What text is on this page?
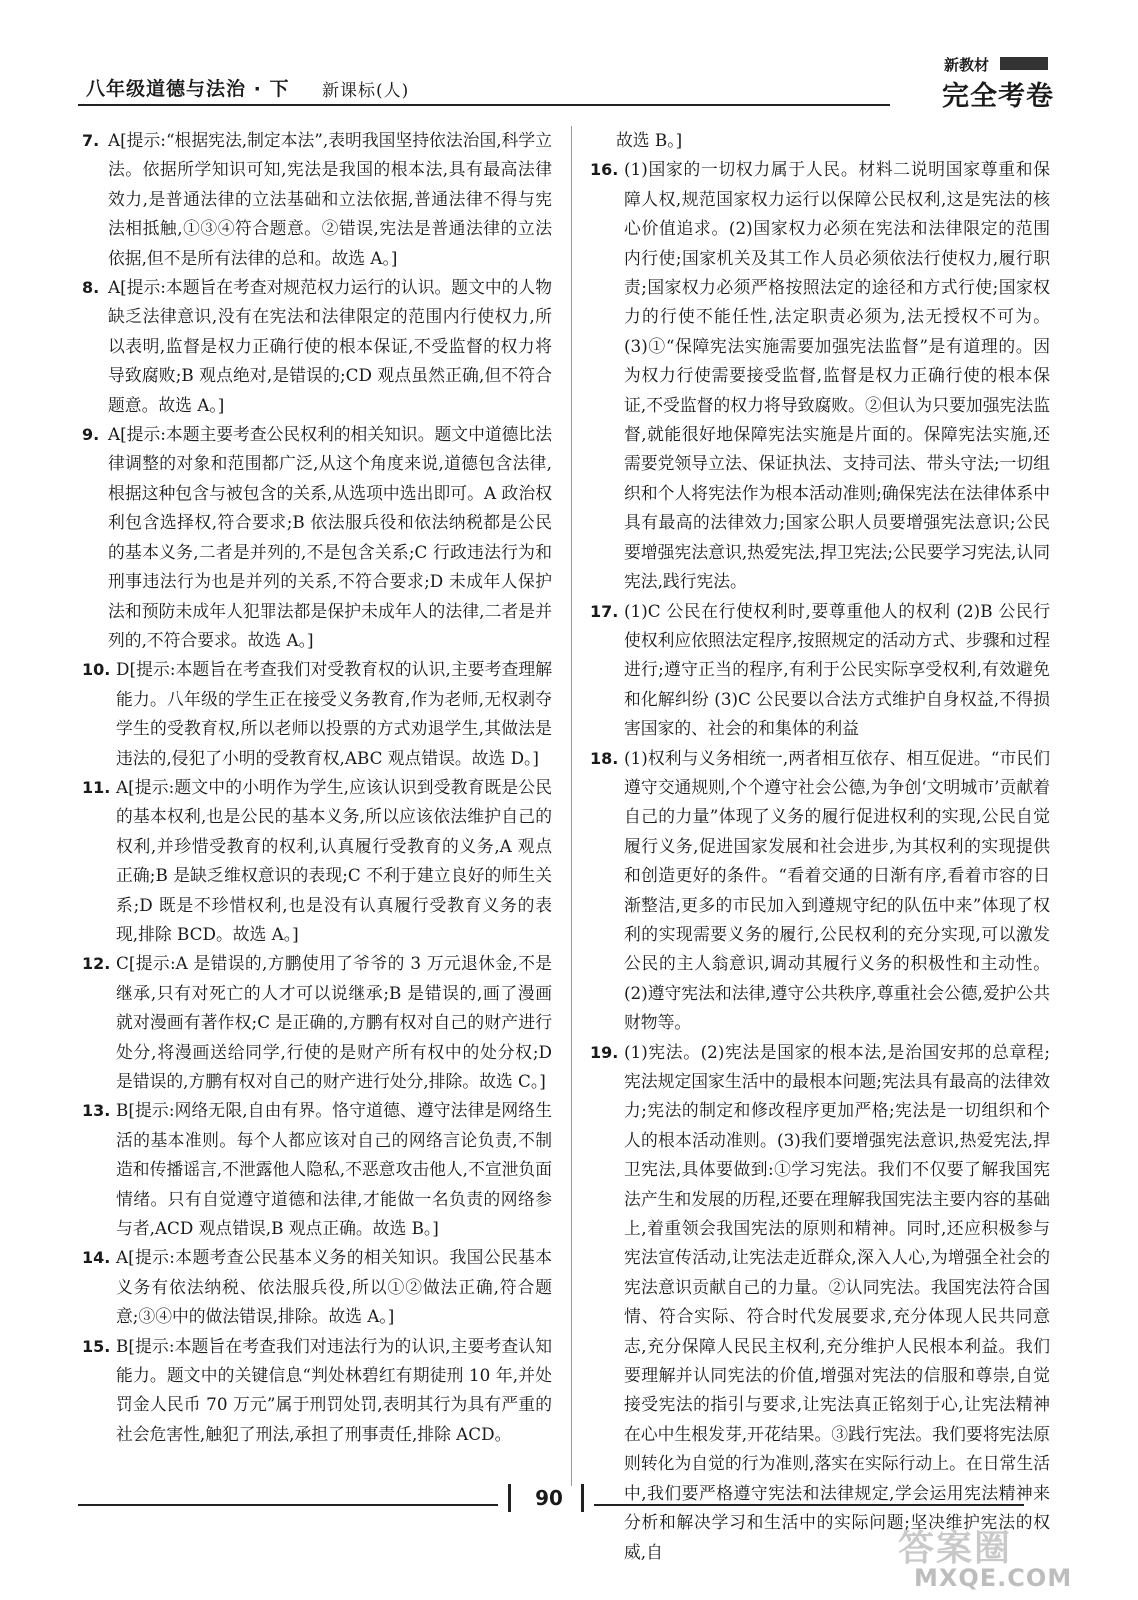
八年级道德与法治 · 下 新课标(人)
新教材
完全考卷
7. A[提示:“根据宪法,制定本法”,表明我国坚持依法治国,科学立法。依据所学知识可知,宪法是我国的根本法,具有最高法律效力,是普通法律的立法基础和立法依据,普通法律不得与宪法相抵触,①③④符合题意。②错误,宪法是普通法律的立法依据,但不是所有法律的总和。故选 A。]
8. A[提示:本题旨在考查对规范权力运行的认识。题文中的人物缺乏法律意识,没有在宪法和法律限定的范围内行使权力,所以表明,监督是权力正确行使的根本保证,不受监督的权力将导致腐败;B 观点绝对,是错误的;CD 观点虽然正确,但不符合题意。故选 A。]
9. A[提示:本题主要考查公民权利的相关知识。题文中道德比法律调整的对象和范围都广泛,从这个角度来说,道德包含法律,根据这种包含与被包含的关系,从选项中选出即可。A 政治权利包含选择权,符合要求;B 依法服兵役和依法纳税都是公民的基本义务,二者是并列的,不是包含关系;C 行政违法行为和刑事违法行为也是并列的关系,不符合要求;D 未成年人保护法和预防未成年人犯罪法都是保护未成年人的法律,二者是并列的,不符合要求。故选 A。]
10. D[提示:本题旨在考查我们对受教育权的认识,主要考查理解能力。八年级的学生正在接受义务教育,作为老师,无权剥夺学生的受教育权,所以老师以投票的方式劝退学生,其做法是违法的,侵犯了小明的受教育权,ABC 观点错误。故选 D。]
11. A[提示:题文中的小明作为学生,应该认识到受教育既是公民的基本权利,也是公民的基本义务,所以应该依法维护自己的权利,并珍惜受教育的权利,认真履行受教育的义务,A 观点正确;B 是缺乏维权意识的表现;C 不利于建立良好的师生关系;D 既是不珍惜权利,也是没有认真履行受教育义务的表现,排除 BCD。故选 A。]
12. C[提示:A 是错误的,方鹏使用了爷爷的 3 万元退休金,不是继承,只有对死亡的人才可以说继承;B 是错误的,画了漫画就对漫画有著作权;C 是正确的,方鹏有权对自己的财产进行处分,将漫画送给同学,行使的是财产所有权中的处分权;D 是错误的,方鹏有权对自己的财产进行处分,排除。故选 C。]
13. B[提示:网络无限,自由有界。恪守道德、遵守法律是网络生活的基本准则。每个人都应该对自己的网络言论负责,不制造和传播谣言,不泄露他人隐私,不恶意攻击他人,不宣泄负面情绪。只有自觉遵守道德和法律,才能做一名负责的网络参与者,ACD 观点错误,B 观点正确。故选 B。]
14. A[提示:本题考查公民基本义务的相关知识。我国公民基本义务有依法纳税、依法服兵役,所以①②做法正确,符合题意;③④中的做法错误,排除。故选 A。]
15. B[提示:本题旨在考查我们对违法行为的认识,主要考查认知能力。题文中的关键信息“判处林碧红有期徒刑 10 年,并处罚金人民币 70 万元”属于刑罚处罚,表明其行为具有严重的社会危害性,触犯了刑法,承担了刑事责任,排除 ACD。
故选 B。]
16. (1)国家的一切权力属于人民。材料二说明国家尊重和保障人权,规范国家权力运行以保障公民权利,这是宪法的核心价值追求。(2)国家权力必须在宪法和法律限定的范围内行使;国家机关及其工作人员必须依法行使权力,履行职责;国家权力必须严格按照法定的途径和方式行使;国家权力的行使不能任性,法定职责必须为,法无授权不可为。(3)①“保障宪法实施需要加强宪法监督”是有道理的。因为权力行使需要接受监督,监督是权力正确行使的根本保证,不受监督的权力将导致腐败。②但认为只要加强宪法监督,就能很好地保障宪法实施是片面的。保障宪法实施,还需要党领导立法、保证执法、支持司法、带头守法;一切组织和个人将宪法作为根本活动准则;确保宪法在法律体系中具有最高的法律效力;国家公职人员要增强宪法意识;公民要增强宪法意识,热爱宪法,捍卫宪法;公民要学习宪法,认同宪法,践行宪法。
17. (1)C 公民在行使权利时,要尊重他人的权利 (2)B 公民行使权利应依照法定程序,按照规定的活动方式、步骤和过程进行;遵守正当的程序,有利于公民实际享受权利,有效避免和化解纠纷 (3)C 公民要以合法方式维护自身权益,不得损害国家的、社会的和集体的利益
18. (1)权利与义务相统一,两者相互依存、相互促进。“市民们遵守交通规则,个个遵守社会公德,为争创‘文明城市’贡献着自己的力量”体现了义务的履行促进权利的实现,公民自觉履行义务,促进国家发展和社会进步,为其权利的实现提供和创造更好的条件。“看着交通的日渐有序,看着市容的日渐整洁,更多的市民加入到遵规守纪的队伍中来”体现了权利的实现需要义务的履行,公民权利的充分实现,可以激发公民的主人翁意识,调动其履行义务的积极性和主动性。(2)遵守宪法和法律,遵守公共秩序,尊重社会公德,爱护公共财物等。
19. (1)宪法。(2)宪法是国家的根本法,是治国安邦的总章程;宪法规定国家生活中的最根本问题;宪法具有最高的法律效力;宪法的制定和修改程序更加严格;宪法是一切组织和个人的根本活动准则。(3)我们要增强宪法意识,热爱宪法,捍卫宪法,具体要做到:①学习宪法。我们不仅要了解我国宪法产生和发展的历程,还要在理解我国宪法主要内容的基础上,着重领会我国宪法的原则和精神。同时,还应积极参与宪法宣传活动,让宪法走近群众,深入人心,为增强全社会的宪法意识贡献自己的力量。②认同宪法。我国宪法符合国情、符合实际、符合时代发展要求,充分体现人民共同意志,充分保障人民民主权利,充分维护人民根本利益。我们要理解并认同宪法的价值,增强对宪法的信服和尊崇,自觉接受宪法的指引与要求,让宪法真正铭刻于心,让宪法精神在心中生根发芽,开花结果。③践行宪法。我们要将宪法原则转化为自觉的行为准则,落实在实际行动上。在日常生活中,我们要严格遵守宪法和法律规定,学会运用宪法精神来分析和解决学习和生活中的实际问题;坚决维护宪法的权威,自
90
答案圈
MXQE.COM
